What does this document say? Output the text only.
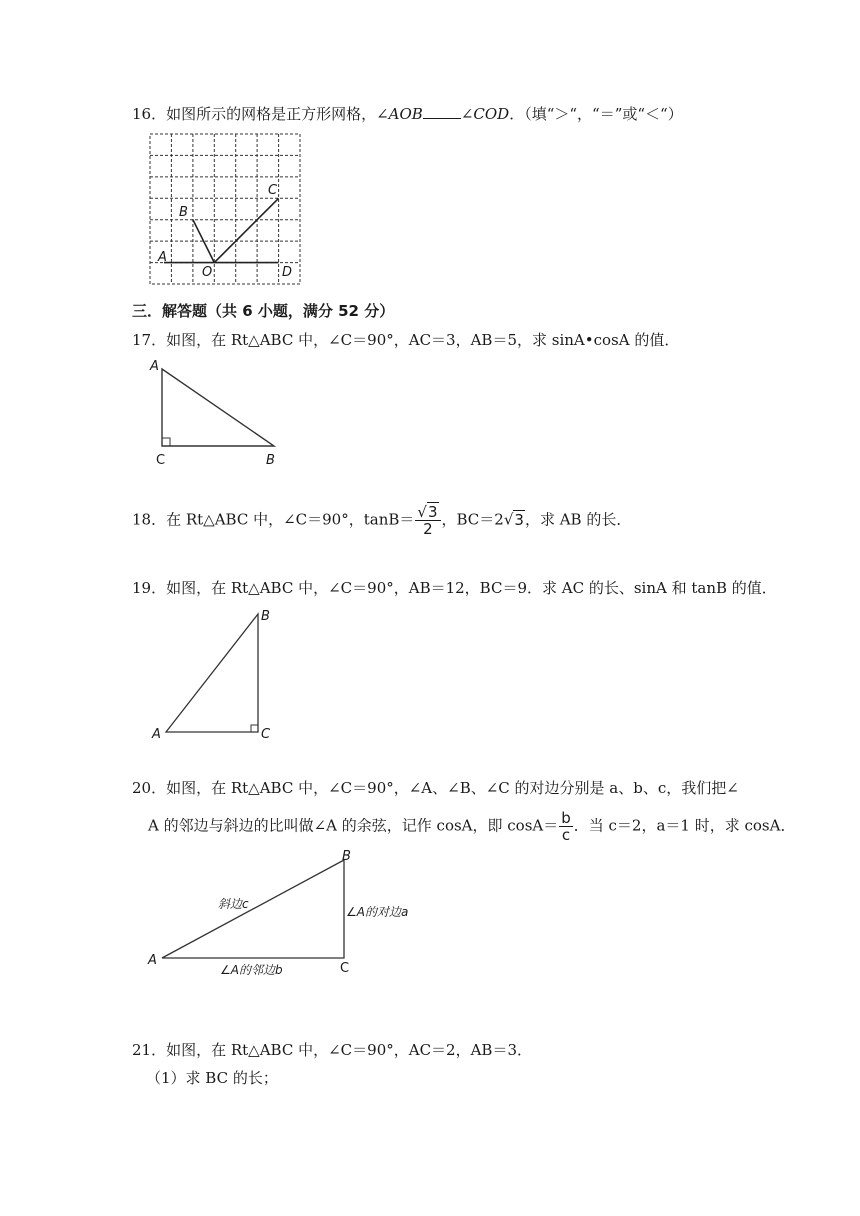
16．如图所示的网格是正方形网格，∠AOB	∠COD．（填“＞“，“＝”或“＜“）
A
B
C
O	D
三．解答题（共 6 小题，满分 52 分）
17．如图，在 Rt△ABC 中，∠C＝90°，AC＝3，AB＝5，求 sinA•cosA 的值．
A
C	B
18．在 Rt△ABC 中，∠C＝90°，$\tan B= \frac{√3}{2}$ ，BC＝2√3，求 AB 的长．
19．如图，在 Rt△ABC 中，∠C＝90°，AB＝12，BC＝9．求 AC 的长、sinA 和 tanB 的值．
A
B
C
20．如图，在 Rt△ABC 中，∠C＝90°，∠A、∠B、∠C 的对边分别是 a、b、c，我们把∠
A 的邻边与斜边的比叫做∠A 的余弦，记作 cosA，即 $\cos A= \frac{b}{c}$ ．当 c＝2，a＝1 时，求 cosA．
A
B
C
斜边c
∠A的对边a
∠A的邻边b
21．如图，在 Rt△ABC 中，∠C＝90°，AC＝2，AB＝3．
（1）求 BC 的长；
